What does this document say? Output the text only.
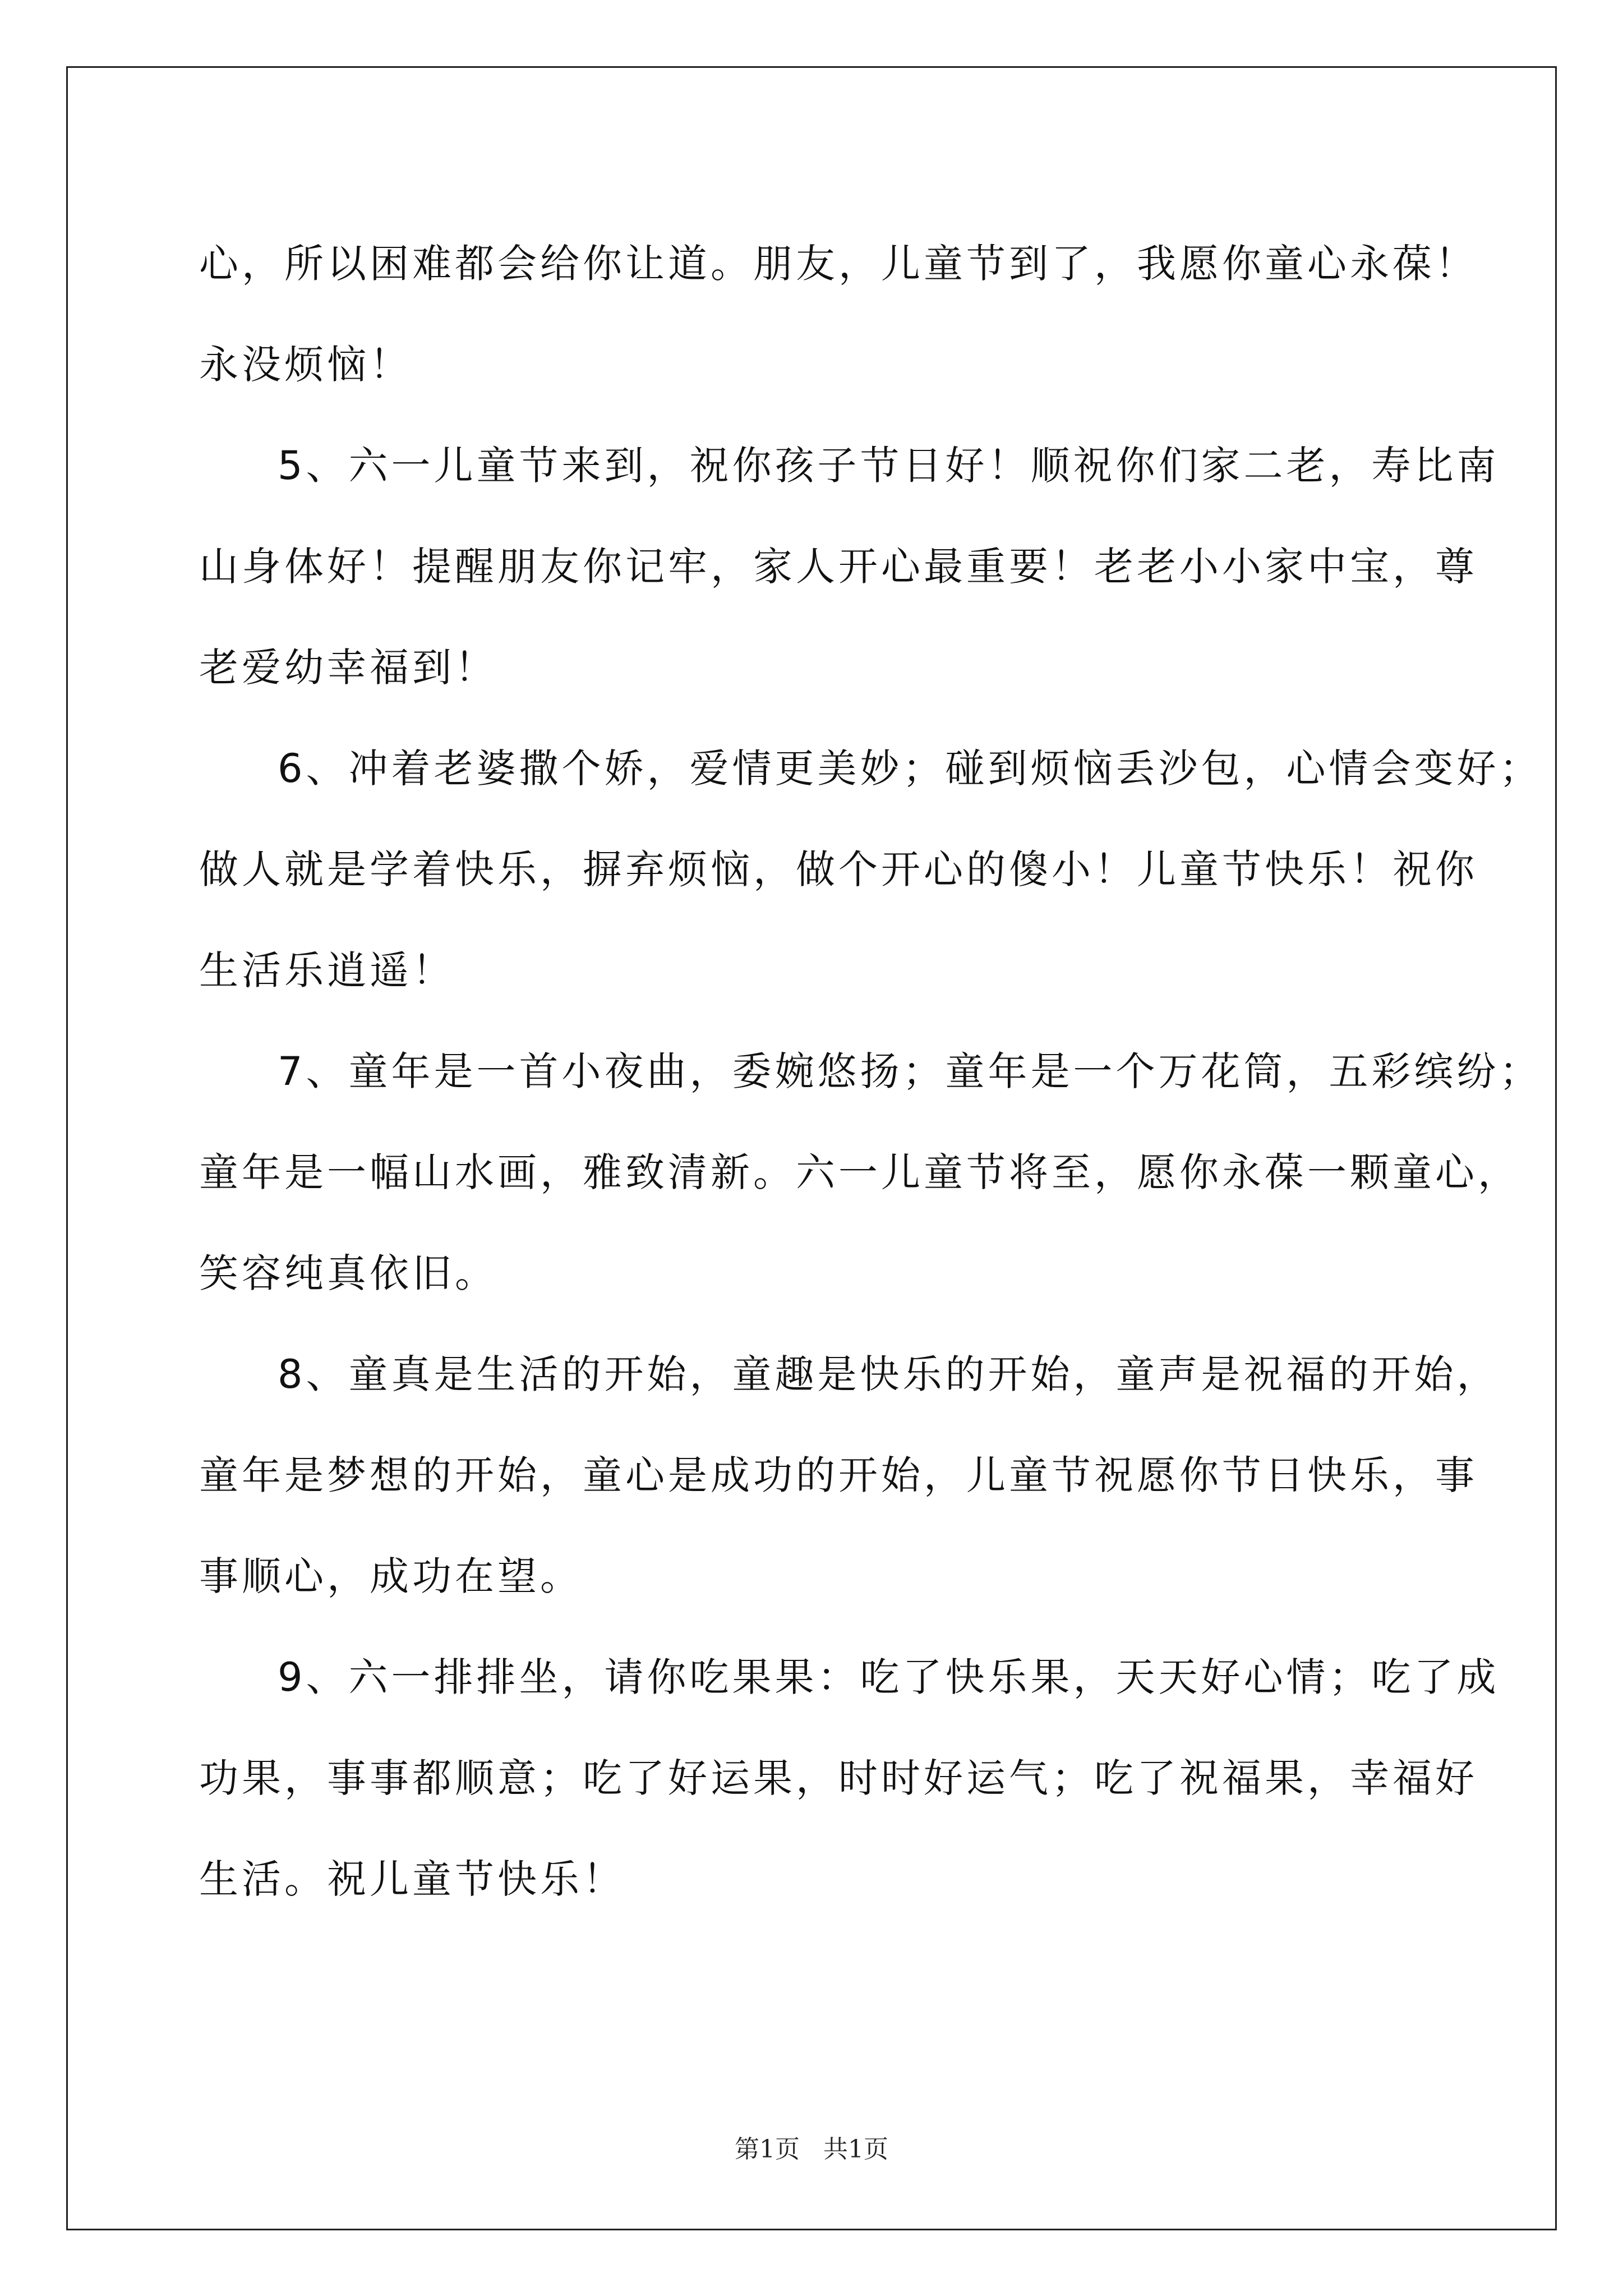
心，所以困难都会给你让道。朋友，儿童节到了，我愿你童心永葆！
永没烦恼！
5、六一儿童节来到，祝你孩子节日好！顺祝你们家二老，寿比南
山身体好！提醒朋友你记牢，家人开心最重要！老老小小家中宝，尊
老爱幼幸福到！
6、冲着老婆撒个娇，爱情更美妙；碰到烦恼丢沙包，心情会变好；
做人就是学着快乐，摒弃烦恼，做个开心的傻小！儿童节快乐！祝你
生活乐逍遥！
7、童年是一首小夜曲，委婉悠扬；童年是一个万花筒，五彩缤纷；
童年是一幅山水画，雅致清新。六一儿童节将至，愿你永葆一颗童心，
笑容纯真依旧。
8、童真是生活的开始，童趣是快乐的开始，童声是祝福的开始，
童年是梦想的开始，童心是成功的开始，儿童节祝愿你节日快乐，事
事顺心，成功在望。
9、六一排排坐，请你吃果果：吃了快乐果，天天好心情；吃了成
功果，事事都顺意；吃了好运果，时时好运气；吃了祝福果，幸福好
生活。祝儿童节快乐！
第1页   共1页
